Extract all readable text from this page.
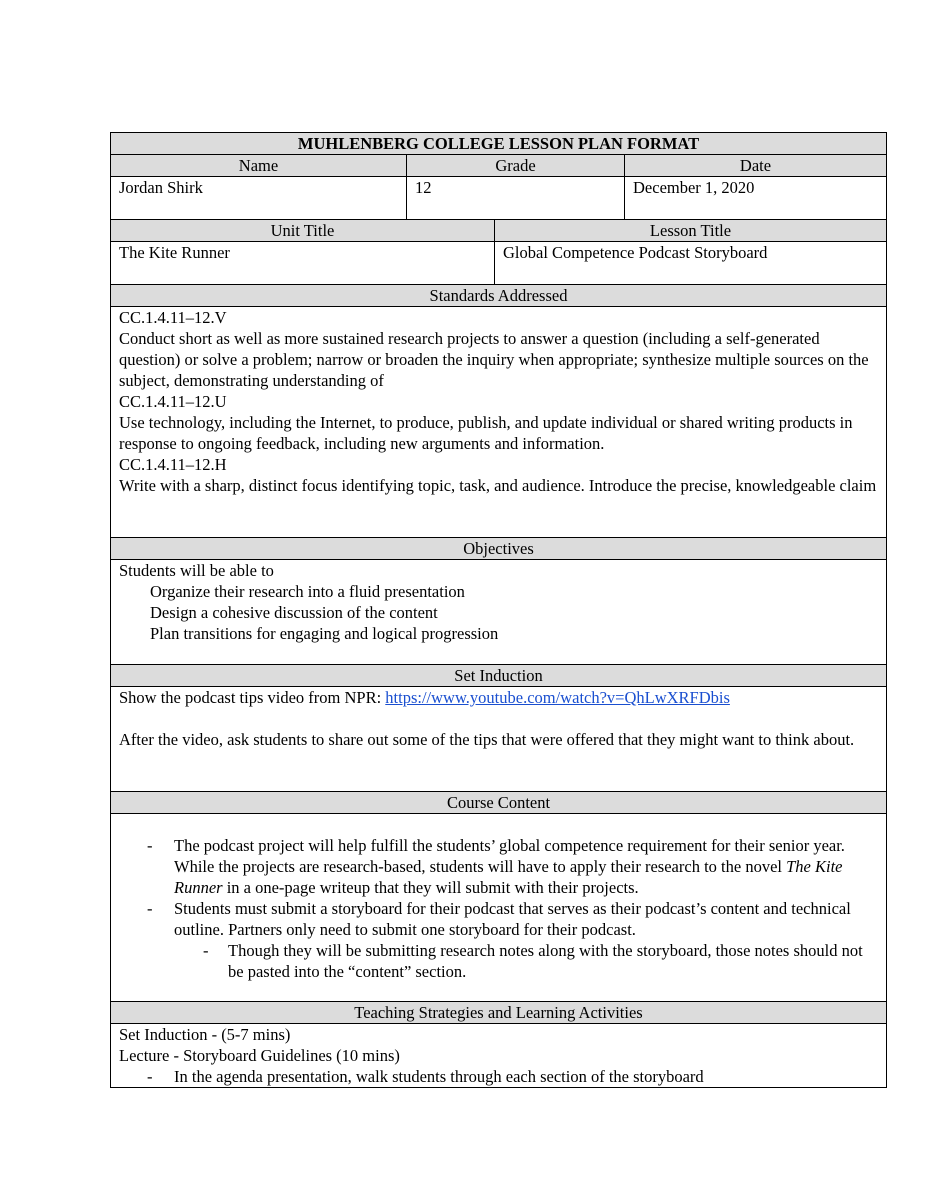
MUHLENBERG COLLEGE LESSON PLAN FORMAT
Name	Grade	Date
Jordan Shirk	12	December 1, 2020
Unit Title	Lesson Title
The Kite Runner	Global Competence Podcast Storyboard
Standards Addressed
CC.1.4.11–12.V
Conduct short as well as more sustained research projects to answer a question (including a self-generated question) or solve a problem; narrow or broaden the inquiry when appropriate; synthesize multiple sources on the subject, demonstrating understanding of
CC.1.4.11–12.U
Use technology, including the Internet, to produce, publish, and update individual or shared writing products in response to ongoing feedback, including new arguments and information.
CC.1.4.11–12.H
Write with a sharp, distinct focus identifying topic, task, and audience. Introduce the precise, knowledgeable claim
Objectives
Students will be able to
Organize their research into a fluid presentation
Design a cohesive discussion of the content
Plan transitions for engaging and logical progression
Set Induction
Show the podcast tips video from NPR: https://www.youtube.com/watch?v=QhLwXRFDbis
After the video, ask students to share out some of the tips that were offered that they might want to think about.
Course Content
- The podcast project will help fulfill the students’ global competence requirement for their senior year. While the projects are research-based, students will have to apply their research to the novel The Kite Runner in a one-page writeup that they will submit with their projects.
- Students must submit a storyboard for their podcast that serves as their podcast’s content and technical outline. Partners only need to submit one storyboard for their podcast.
- Though they will be submitting research notes along with the storyboard, those notes should not be pasted into the “content” section.
Teaching Strategies and Learning Activities
Set Induction - (5-7 mins)
Lecture - Storyboard Guidelines (10 mins)
- In the agenda presentation, walk students through each section of the storyboard
